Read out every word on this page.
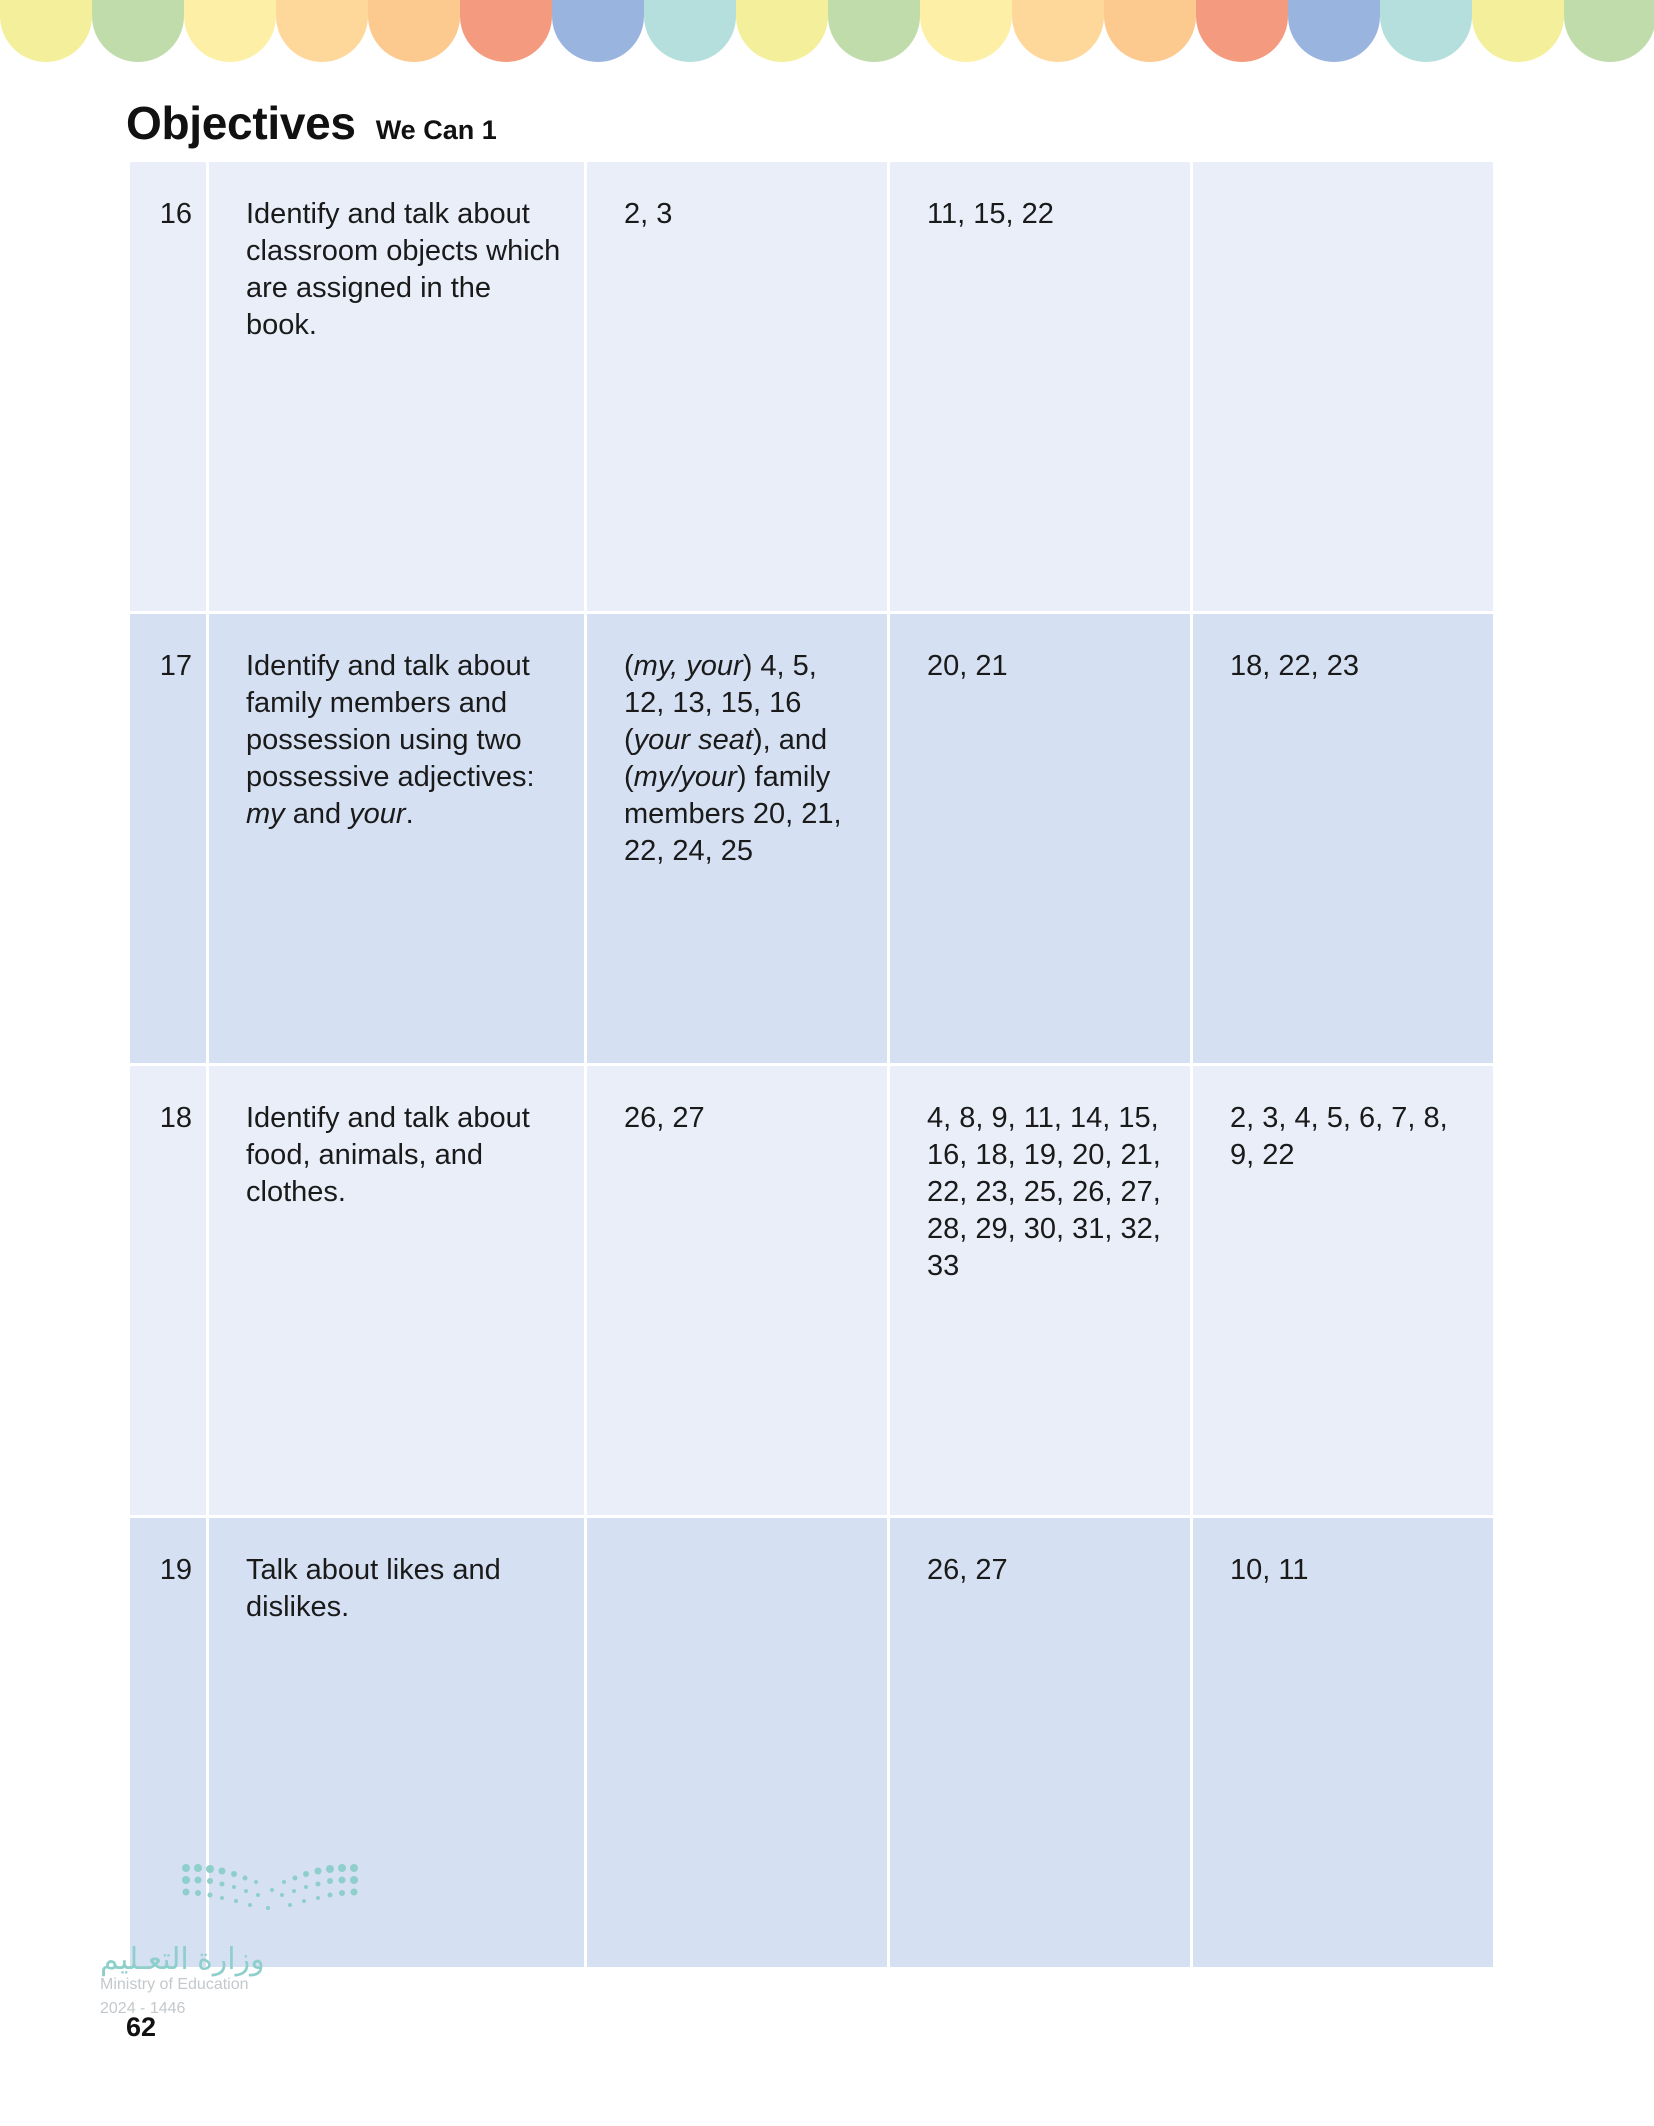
Objectives We Can 1
16	Identify and talk about classroom objects which are assigned in the book.	2, 3	11, 15, 22	
17	Identify and talk about family members and possession using two possessive adjectives: my and your.	(my, your) 4, 5, 12, 13, 15, 16 (your seat), and (my/your) family members 20, 21, 22, 24, 25	20, 21	18, 22, 23
18	Identify and talk about food, animals, and clothes.	26, 27	4, 8, 9, 11, 14, 15, 16, 18, 19, 20, 21, 22, 23, 25, 26, 27, 28, 29, 30, 31, 32, 33	2, 3, 4, 5, 6, 7, 8, 9, 22
19	Talk about likes and dislikes.		26, 27	10, 11
وزارة التعـليم
Ministry of Education
2024 - 1446
62
